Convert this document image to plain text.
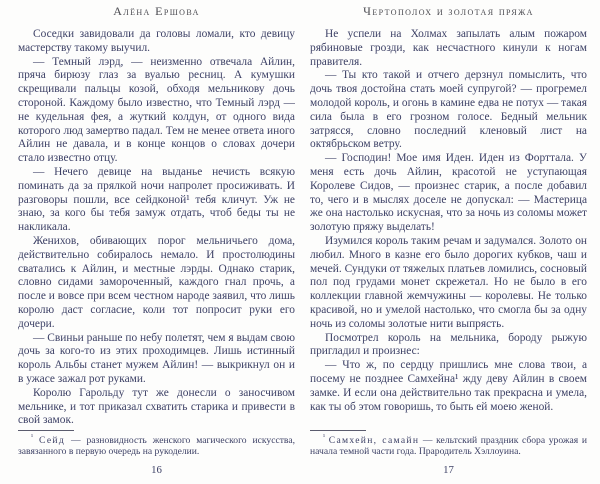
Алёна Ершова

Соседки завидовали да головы ломали, кто девицу мастерству такому выучил.

— Темный лэрд, — неизменно отвечала Айлин, пряча бирюзу глаз за вуалью ресниц. А кумушки скрещивали пальцы козой, обходя мельникову дочь стороной. Каждому было известно, что Темный лэрд — не кудельная фея, а жуткий колдун, от одного вида которого люд замертво падал. Тем не менее ответа иного Айлин не давала, и в конце концов о словах дочери стало известно отцу.

— Нечего девице на выданье нечисть всякую поминать да за прялкой ночи напролет просиживать. И разговоры пошли, все сейдконой¹ тебя кличут. Уж не знаю, за кого бы тебя замуж отдать, чтоб беды ты не накликала.

Женихов, обивающих порог мельничьего дома, действительно собиралось немало. И простолюдины сватались к Айлин, и местные лэрды. Однако старик, словно сидами замороченный, каждого гнал прочь, а после и вовсе при всем честном народе заявил, что лишь королю даст согласие, коли тот попросит руки его дочери.

— Свиньи раньше по небу полетят, чем я выдам свою дочь за кого-то из этих проходимцев. Лишь истинный король Альбы станет мужем Айлин! — выкрикнул он и в ужасе зажал рот руками.

Королю Гарольду тут же донесли о заносчивом мельнике, и тот приказал схватить старика и привести в свой замок.

$^{^1}$ Сейд — разновидность женского магического искусства, завязанного в первую очередь на рукоделии.

16
Чертополох и золотая пряжа

Не успели на Холмах запылать алым пожаром рябиновые грозди, как несчастного кинули к ногам правителя.

— Ты кто такой и отчего дерзнул помыслить, что дочь твоя достойна стать моей супругой? — прогремел молодой король, и огонь в камине едва не потух — такая сила была в его грозном голосе. Бедный мельник затрясся, словно последний кленовый лист на октябрьском ветру.

— Господин! Мое имя Иден. Иден из Форттала. У меня есть дочь Айлин, красотой не уступающая Королеве Сидов, — произнес старик, а после добавил то, чего и в мыслях доселе не допускал: — Мастерица же она настолько искусная, что за ночь из соломы может золотую пряжу выделать!

Изумился король таким речам и задумался. Золото он любил. Много в казне его было дорогих кубков, чаш и мечей. Сундуки от тяжелых платьев ломились, сосновый пол под грудами монет скрежетал. Но не было в его коллекции главной жемчужины — королевы. Не только красивой, но и умелой настолько, что смогла бы за одну ночь из соломы золотые нити выпрясть.

Посмотрел король на мельника, бороду рыжую пригладил и произнес:

— Что ж, по сердцу пришлись мне слова твои, а посему не позднее Самхейна¹ жду деву Айлин в своем замке. И если она действительно так прекрасна и умела, как ты об этом говоришь, то быть ей моею женой.

$^{^1}$ Самхейн, самайн — кельтский праздник сбора урожая и начала темной части года. Прародитель Хэллоуина.

17
